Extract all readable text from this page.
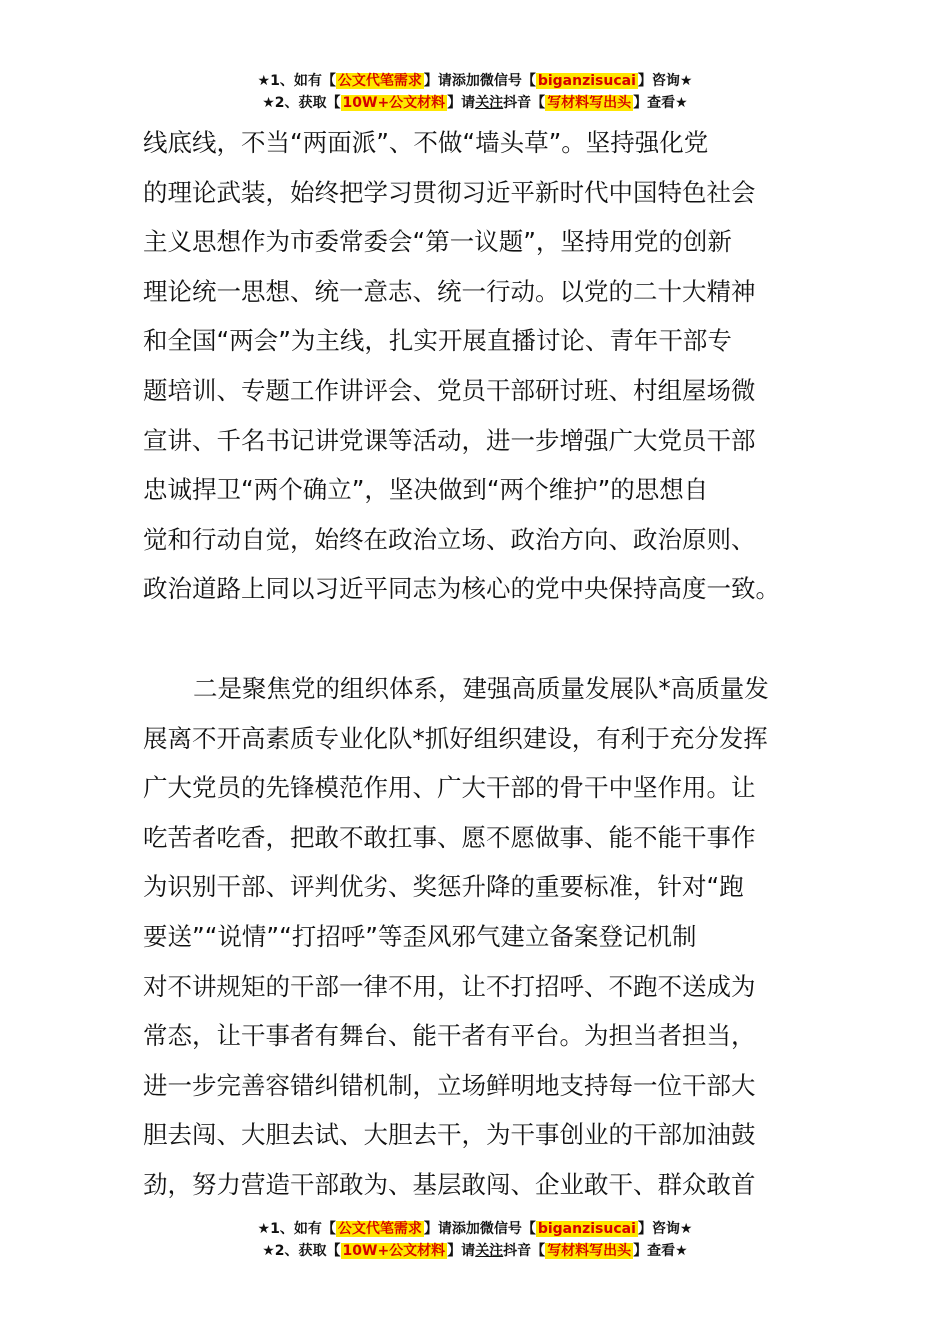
★1、如有【 公文代笔需求 】请添加微信号【 biganzisucai 】咨询★
★2、获取【 10W+公文材料 】请关注抖音【 写材料写出头 】查看★
线底线，不当“两面派”、不做“墙头草”。坚持强化党
的理论武装，始终把学习贯彻习近平新时代中国特色社会
主义思想作为市委常委会“第一议题”，坚持用党的创新
理论统一思想、统一意志、统一行动。以党的二十大精神
和全国“两会”为主线，扎实开展直播讨论、青年干部专
题培训、专题工作讲评会、党员干部研讨班、村组屋场微
宣讲、千名书记讲党课等活动，进一步增强广大党员干部
忠诚捍卫“两个确立”，坚决做到“两个维护”的思想自
觉和行动自觉，始终在政治立场、政治方向、政治原则、
政治道路上同以习近平同志为核心的党中央保持高度一致。
二是聚焦党的组织体系，建强高质量发展队*高质量发
展离不开高素质专业化队*抓好组织建设，有利于充分发挥
广大党员的先锋模范作用、广大干部的骨干中坚作用。让
吃苦者吃香，把敢不敢扛事、愿不愿做事、能不能干事作
为识别干部、评判优劣、奖惩升降的重要标准，针对“跑
要送”“说情”“打招呼”等歪风邪气建立备案登记机制
对不讲规矩的干部一律不用，让不打招呼、不跑不送成为
常态，让干事者有舞台、能干者有平台。为担当者担当，
进一步完善容错纠错机制，立场鲜明地支持每一位干部大
胆去闯、大胆去试、大胆去干，为干事创业的干部加油鼓
劲，努力营造干部敢为、基层敢闯、企业敢干、群众敢首
★1、如有【 公文代笔需求 】请添加微信号【 biganzisucai 】咨询★
★2、获取【 10W+公文材料 】请关注抖音【 写材料写出头 】查看★
